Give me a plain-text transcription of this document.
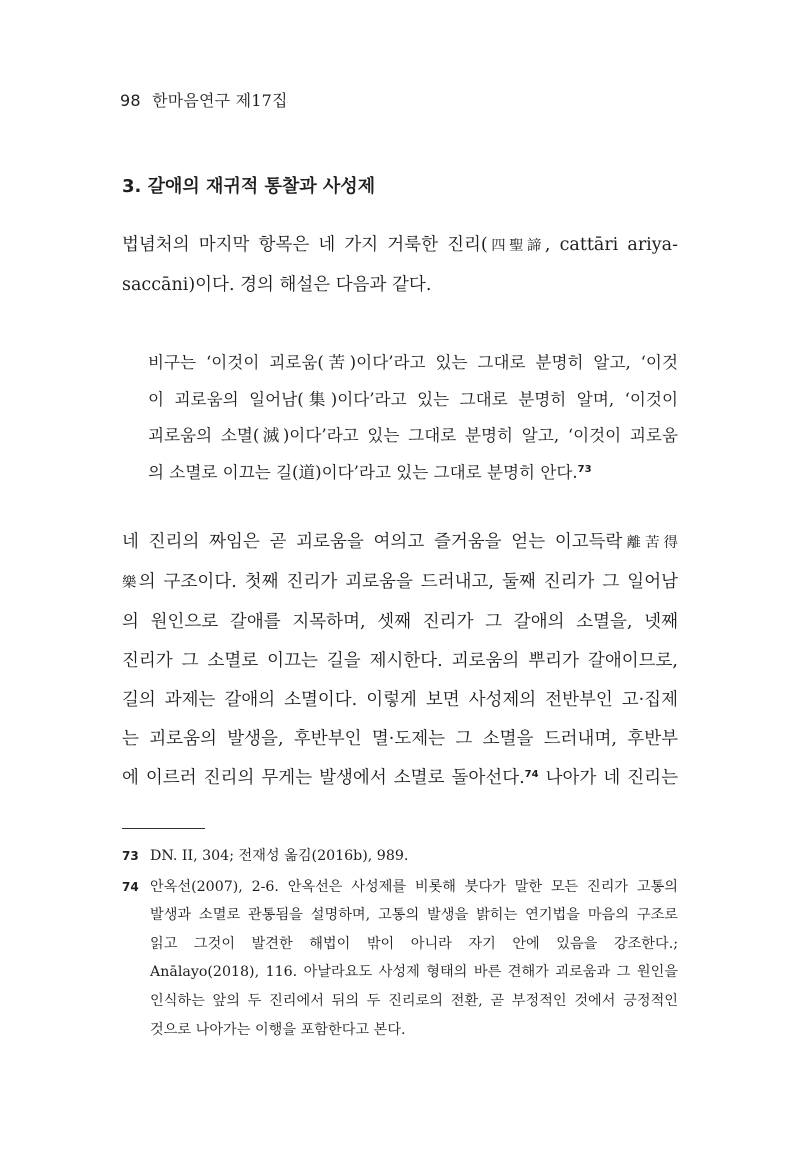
98 한마음연구 제17집
3. 갈애의 재귀적 통찰과 사성제

법념처의 마지막 항목은 네 가지 거룩한 진리(四聖諦, cattāri ariya-
saccāni)이다. 경의 해설은 다음과 같다.

비구는 ‘이것이 괴로움(苦)이다’라고 있는 그대로 분명히 알고, ‘이것
이 괴로움의 일어남(集)이다’라고 있는 그대로 분명히 알며, ‘이것이
괴로움의 소멸(滅)이다’라고 있는 그대로 분명히 알고, ‘이것이 괴로움
의 소멸로 이끄는 길(道)이다’라고 있는 그대로 분명히 안다.$^{73}$

네 진리의 짜임은 곧 괴로움을 여의고 즐거움을 얻는 이고득락離苦得
樂의 구조이다. 첫째 진리가 괴로움을 드러내고, 둘째 진리가 그 일어남
의 원인으로 갈애를 지목하며, 셋째 진리가 그 갈애의 소멸을, 넷째
진리가 그 소멸로 이끄는 길을 제시한다. 괴로움의 뿌리가 갈애이므로,
길의 과제는 갈애의 소멸이다. 이렇게 보면 사성제의 전반부인 고·집제
는 괴로움의 발생을, 후반부인 멸·도제는 그 소멸을 드러내며, 후반부
에 이르러 진리의 무게는 발생에서 소멸로 돌아선다.$^{74}$ 나아가 네 진리는

73 DN. II, 304; 전재성 옮김(2016b), 989.
74 안옥선(2007), 2-6. 안옥선은 사성제를 비롯해 붓다가 말한 모든 진리가 고통의
발생과 소멸로 관통됨을 설명하며, 고통의 발생을 밝히는 연기법을 마음의 구조로
읽고 그것이 발견한 해법이 밖이 아니라 자기 안에 있음을 강조한다.;
Anālayo(2018), 116. 아날라요도 사성제 형태의 바른 견해가 괴로움과 그 원인을
인식하는 앞의 두 진리에서 뒤의 두 진리로의 전환, 곧 부정적인 것에서 긍정적인
것으로 나아가는 이행을 포함한다고 본다.
